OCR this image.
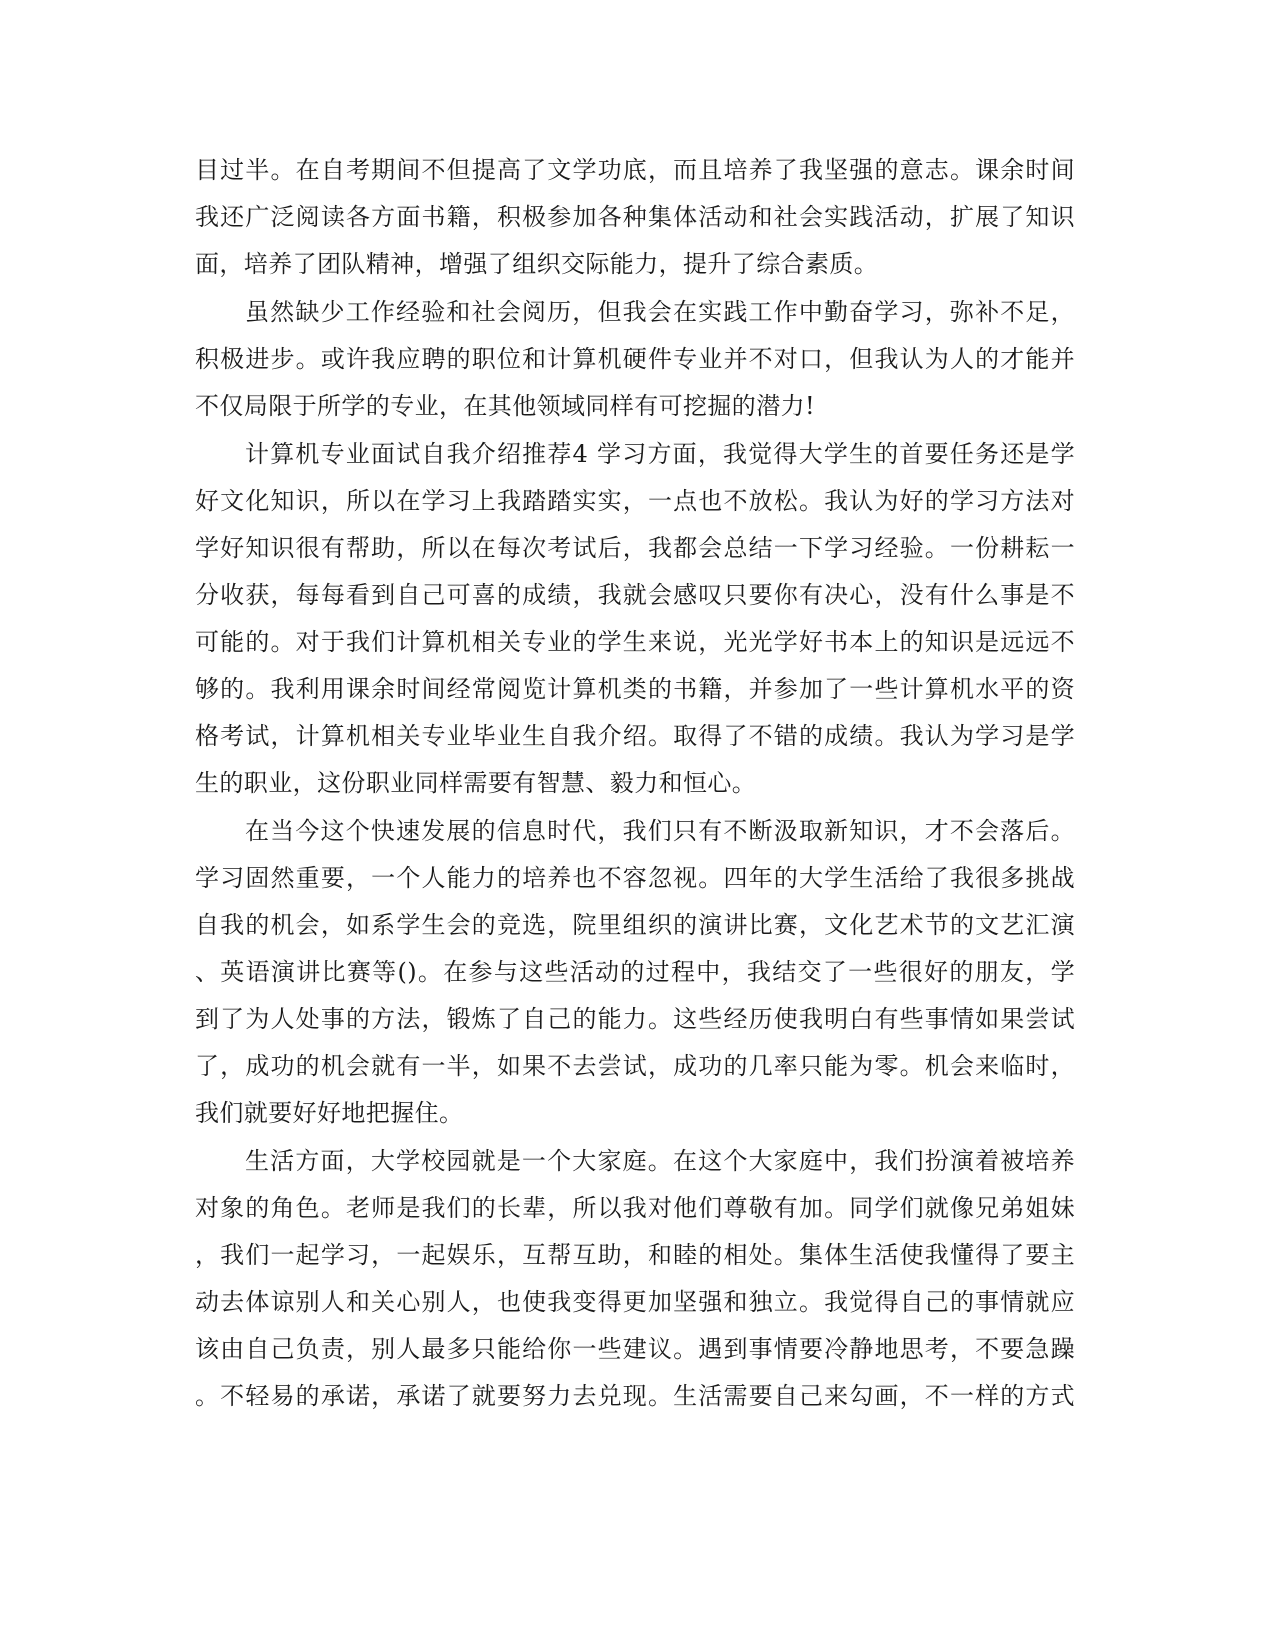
目过半。在自考期间不但提高了文学功底，而且培养了我坚强的意志。课余时间
我还广泛阅读各方面书籍，积极参加各种集体活动和社会实践活动，扩展了知识
面，培养了团队精神，增强了组织交际能力，提升了综合素质。
虽然缺少工作经验和社会阅历，但我会在实践工作中勤奋学习，弥补不足，
积极进步。或许我应聘的职位和计算机硬件专业并不对口，但我认为人的才能并
不仅局限于所学的专业，在其他领域同样有可挖掘的潜力!
计算机专业面试自我介绍推荐4 学习方面，我觉得大学生的首要任务还是学
好文化知识，所以在学习上我踏踏实实，一点也不放松。我认为好的学习方法对
学好知识很有帮助，所以在每次考试后，我都会总结一下学习经验。一份耕耘一
分收获，每每看到自己可喜的成绩，我就会感叹只要你有决心，没有什么事是不
可能的。对于我们计算机相关专业的学生来说，光光学好书本上的知识是远远不
够的。我利用课余时间经常阅览计算机类的书籍，并参加了一些计算机水平的资
格考试，计算机相关专业毕业生自我介绍。取得了不错的成绩。我认为学习是学
生的职业，这份职业同样需要有智慧、毅力和恒心。
在当今这个快速发展的信息时代，我们只有不断汲取新知识，才不会落后。
学习固然重要，一个人能力的培养也不容忽视。四年的大学生活给了我很多挑战
自我的机会，如系学生会的竞选，院里组织的演讲比赛，文化艺术节的文艺汇演
、英语演讲比赛等()。在参与这些活动的过程中，我结交了一些很好的朋友，学
到了为人处事的方法，锻炼了自己的能力。这些经历使我明白有些事情如果尝试
了，成功的机会就有一半，如果不去尝试，成功的几率只能为零。机会来临时，
我们就要好好地把握住。
生活方面，大学校园就是一个大家庭。在这个大家庭中，我们扮演着被培养
对象的角色。老师是我们的长辈，所以我对他们尊敬有加。同学们就像兄弟姐妹
，我们一起学习，一起娱乐，互帮互助，和睦的相处。集体生活使我懂得了要主
动去体谅别人和关心别人，也使我变得更加坚强和独立。我觉得自己的事情就应
该由自己负责，别人最多只能给你一些建议。遇到事情要冷静地思考，不要急躁
。不轻易的承诺，承诺了就要努力去兑现。生活需要自己来勾画，不一样的方式
